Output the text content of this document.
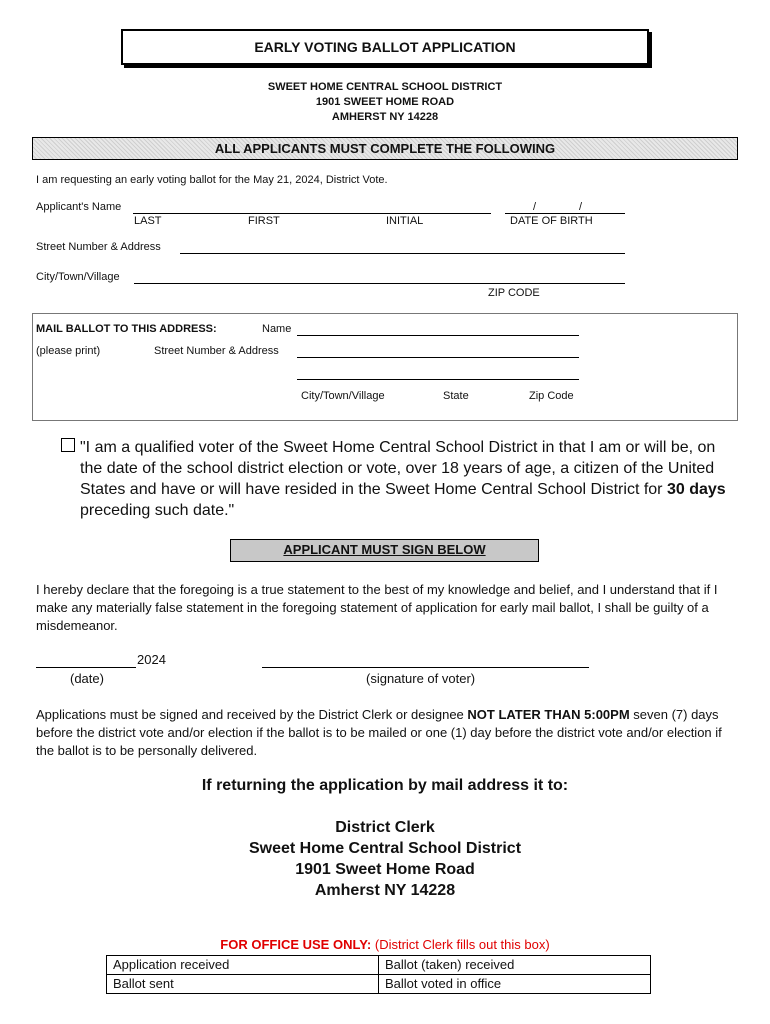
EARLY VOTING BALLOT APPLICATION
SWEET HOME CENTRAL SCHOOL DISTRICT
1901 SWEET HOME ROAD
AMHERST NY 14228
ALL APPLICANTS MUST COMPLETE THE FOLLOWING
I am requesting an early voting ballot for the May 21, 2024, District Vote.
Applicant's Name	/	/
LAST	FIRST	INITIAL	DATE OF BIRTH
Street Number & Address
City/Town/Village
ZIP CODE
MAIL BALLOT TO THIS ADDRESS:	Name
(please print)	Street Number & Address
City/Town/Village	State	Zip Code
"I am a qualified voter of the Sweet Home Central School District in that I am or will be, on the date of the school district election or vote, over 18 years of age, a citizen of the United States and have or will have resided in the Sweet Home Central School District for 30 days preceding such date."
APPLICANT MUST SIGN BELOW
I hereby declare that the foregoing is a true statement to the best of my knowledge and belief, and I understand that if I make any materially false statement in the foregoing statement of application for early mail ballot, I shall be guilty of a misdemeanor.
2024
(date)	(signature of voter)
Applications must be signed and received by the District Clerk or designee NOT LATER THAN 5:00PM seven (7) days before the district vote and/or election if the ballot is to be mailed or one (1) day before the district vote and/or election if the ballot is to be personally delivered.
If returning the application by mail address it to:
District Clerk
Sweet Home Central School District
1901 Sweet Home Road
Amherst NY 14228
FOR OFFICE USE ONLY: (District Clerk fills out this box)
Application received	Ballot (taken) received
Ballot sent	Ballot voted in office
